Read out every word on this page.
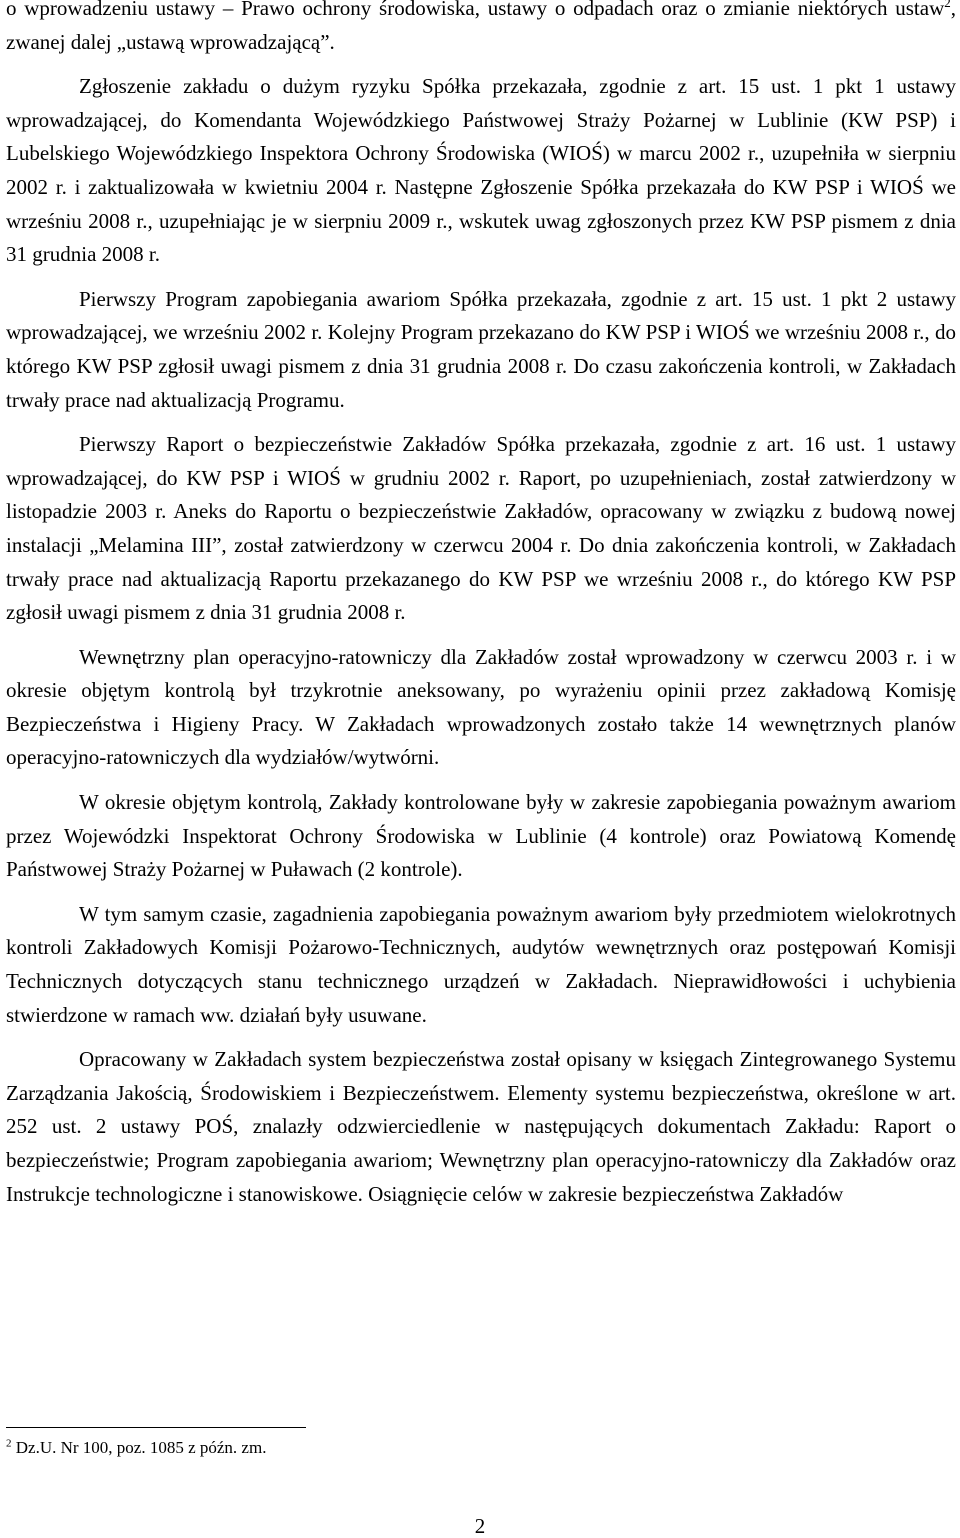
o wprowadzeniu ustawy – Prawo ochrony środowiska, ustawy o odpadach oraz o zmianie niektórych ustaw$^2$, zwanej dalej „ustawą wprowadzającą”.

Zgłoszenie zakładu o dużym ryzyku Spółka przekazała, zgodnie z art. 15 ust. 1 pkt 1 ustawy wprowadzającej, do Komendanta Wojewódzkiego Państwowej Straży Pożarnej w Lublinie (KW PSP) i Lubelskiego Wojewódzkiego Inspektora Ochrony Środowiska (WIOŚ) w marcu 2002 r., uzupełniła w sierpniu 2002 r. i zaktualizowała w kwietniu 2004 r. Następne Zgłoszenie Spółka przekazała do KW PSP i WIOŚ we wrześniu 2008 r., uzupełniając je w sierpniu 2009 r., wskutek uwag zgłoszonych przez KW PSP pismem z dnia 31 grudnia 2008 r.

Pierwszy Program zapobiegania awariom Spółka przekazała, zgodnie z art. 15 ust. 1 pkt 2 ustawy wprowadzającej, we wrześniu 2002 r. Kolejny Program przekazano do KW PSP i WIOŚ we wrześniu 2008 r., do którego KW PSP zgłosił uwagi pismem z dnia 31 grudnia 2008 r. Do czasu zakończenia kontroli, w Zakładach trwały prace nad aktualizacją Programu.

Pierwszy Raport o bezpieczeństwie Zakładów Spółka przekazała, zgodnie z art. 16 ust. 1 ustawy wprowadzającej, do KW PSP i WIOŚ w grudniu 2002 r. Raport, po uzupełnieniach, został zatwierdzony w listopadzie 2003 r. Aneks do Raportu o bezpieczeństwie Zakładów, opracowany w związku z budową nowej instalacji „Melamina III”, został zatwierdzony w czerwcu 2004 r. Do dnia zakończenia kontroli, w Zakładach trwały prace nad aktualizacją Raportu przekazanego do KW PSP we wrześniu 2008 r., do którego KW PSP zgłosił uwagi pismem z dnia 31 grudnia 2008 r.

Wewnętrzny plan operacyjno-ratowniczy dla Zakładów został wprowadzony w czerwcu 2003 r. i w okresie objętym kontrolą był trzykrotnie aneksowany, po wyrażeniu opinii przez zakładową Komisję Bezpieczeństwa i Higieny Pracy. W Zakładach wprowadzonych zostało także 14 wewnętrznych planów operacyjno-ratowniczych dla wydziałów/wytwórni.

W okresie objętym kontrolą, Zakłady kontrolowane były w zakresie zapobiegania poważnym awariom przez Wojewódzki Inspektorat Ochrony Środowiska w Lublinie (4 kontrole) oraz Powiatową Komendę Państwowej Straży Pożarnej w Puławach (2 kontrole).

W tym samym czasie, zagadnienia zapobiegania poważnym awariom były przedmiotem wielokrotnych kontroli Zakładowych Komisji Pożarowo-Technicznych, audytów wewnętrznych oraz postępowań Komisji Technicznych dotyczących stanu technicznego urządzeń w Zakładach. Nieprawidłowości i uchybienia stwierdzone w ramach ww. działań były usuwane.

Opracowany w Zakładach system bezpieczeństwa został opisany w księgach Zintegrowanego Systemu Zarządzania Jakością, Środowiskiem i Bezpieczeństwem. Elementy systemu bezpieczeństwa, określone w art. 252 ust. 2 ustawy POŚ, znalazły odzwierciedlenie w następujących dokumentach Zakładu: Raport o bezpieczeństwie; Program zapobiegania awariom; Wewnętrzny plan operacyjno-ratowniczy dla Zakładów oraz Instrukcje technologiczne i stanowiskowe. Osiągnięcie celów w zakresie bezpieczeństwa Zakładów

$^2$ Dz.U. Nr 100, poz. 1085 z późn. zm.
2
